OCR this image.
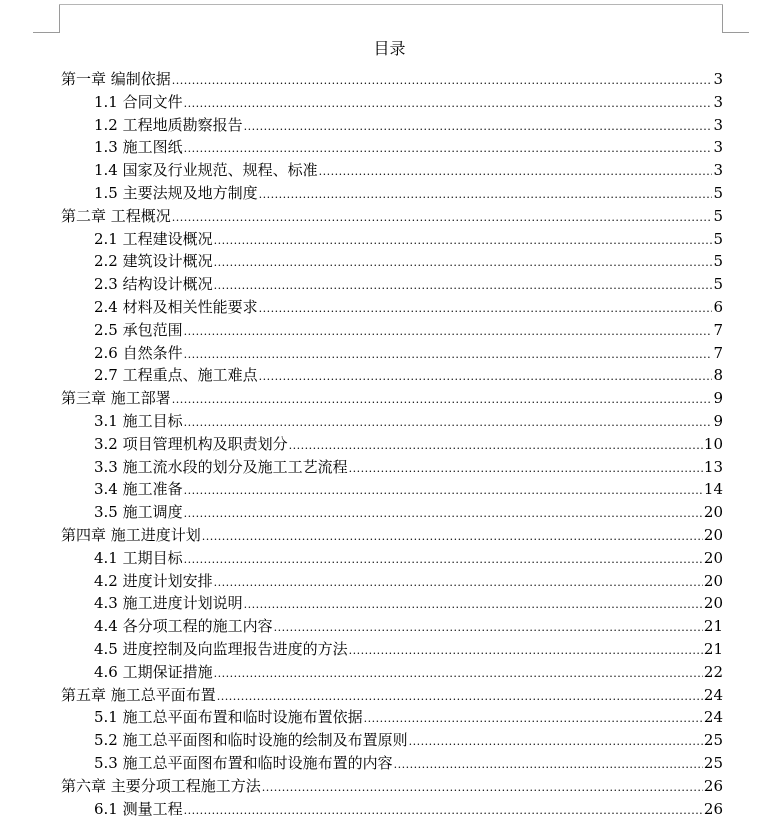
目录
第一章 编制依据 .....	3
1.1 合同文件 .....	3
1.2 工程地质勘察报告 .....	3
1.3 施工图纸 .....	3
1.4 国家及行业规范、规程、标准 .....	3
1.5 主要法规及地方制度 .....	5
第二章 工程概况 .....	5
2.1 工程建设概况 .....	5
2.2 建筑设计概况 .....	5
2.3 结构设计概况 .....	5
2.4 材料及相关性能要求 .....	6
2.5 承包范围 .....	7
2.6 自然条件 .....	7
2.7 工程重点、施工难点 .....	8
第三章 施工部署 .....	9
3.1 施工目标 .....	9
3.2 项目管理机构及职责划分 .....	10
3.3 施工流水段的划分及施工工艺流程 .....	13
3.4 施工准备 .....	14
3.5 施工调度 .....	20
第四章 施工进度计划 .....	20
4.1 工期目标 .....	20
4.2 进度计划安排 .....	20
4.3 施工进度计划说明 .....	20
4.4 各分项工程的施工内容 .....	21
4.5 进度控制及向监理报告进度的方法 .....	21
4.6 工期保证措施 .....	22
第五章 施工总平面布置 .....	24
5.1 施工总平面布置和临时设施布置依据 .....	24
5.2 施工总平面图和临时设施的绘制及布置原则 .....	25
5.3 施工总平面图布置和临时设施布置的内容 .....	25
第六章 主要分项工程施工方法 .....	26
6.1 测量工程 .....	26
